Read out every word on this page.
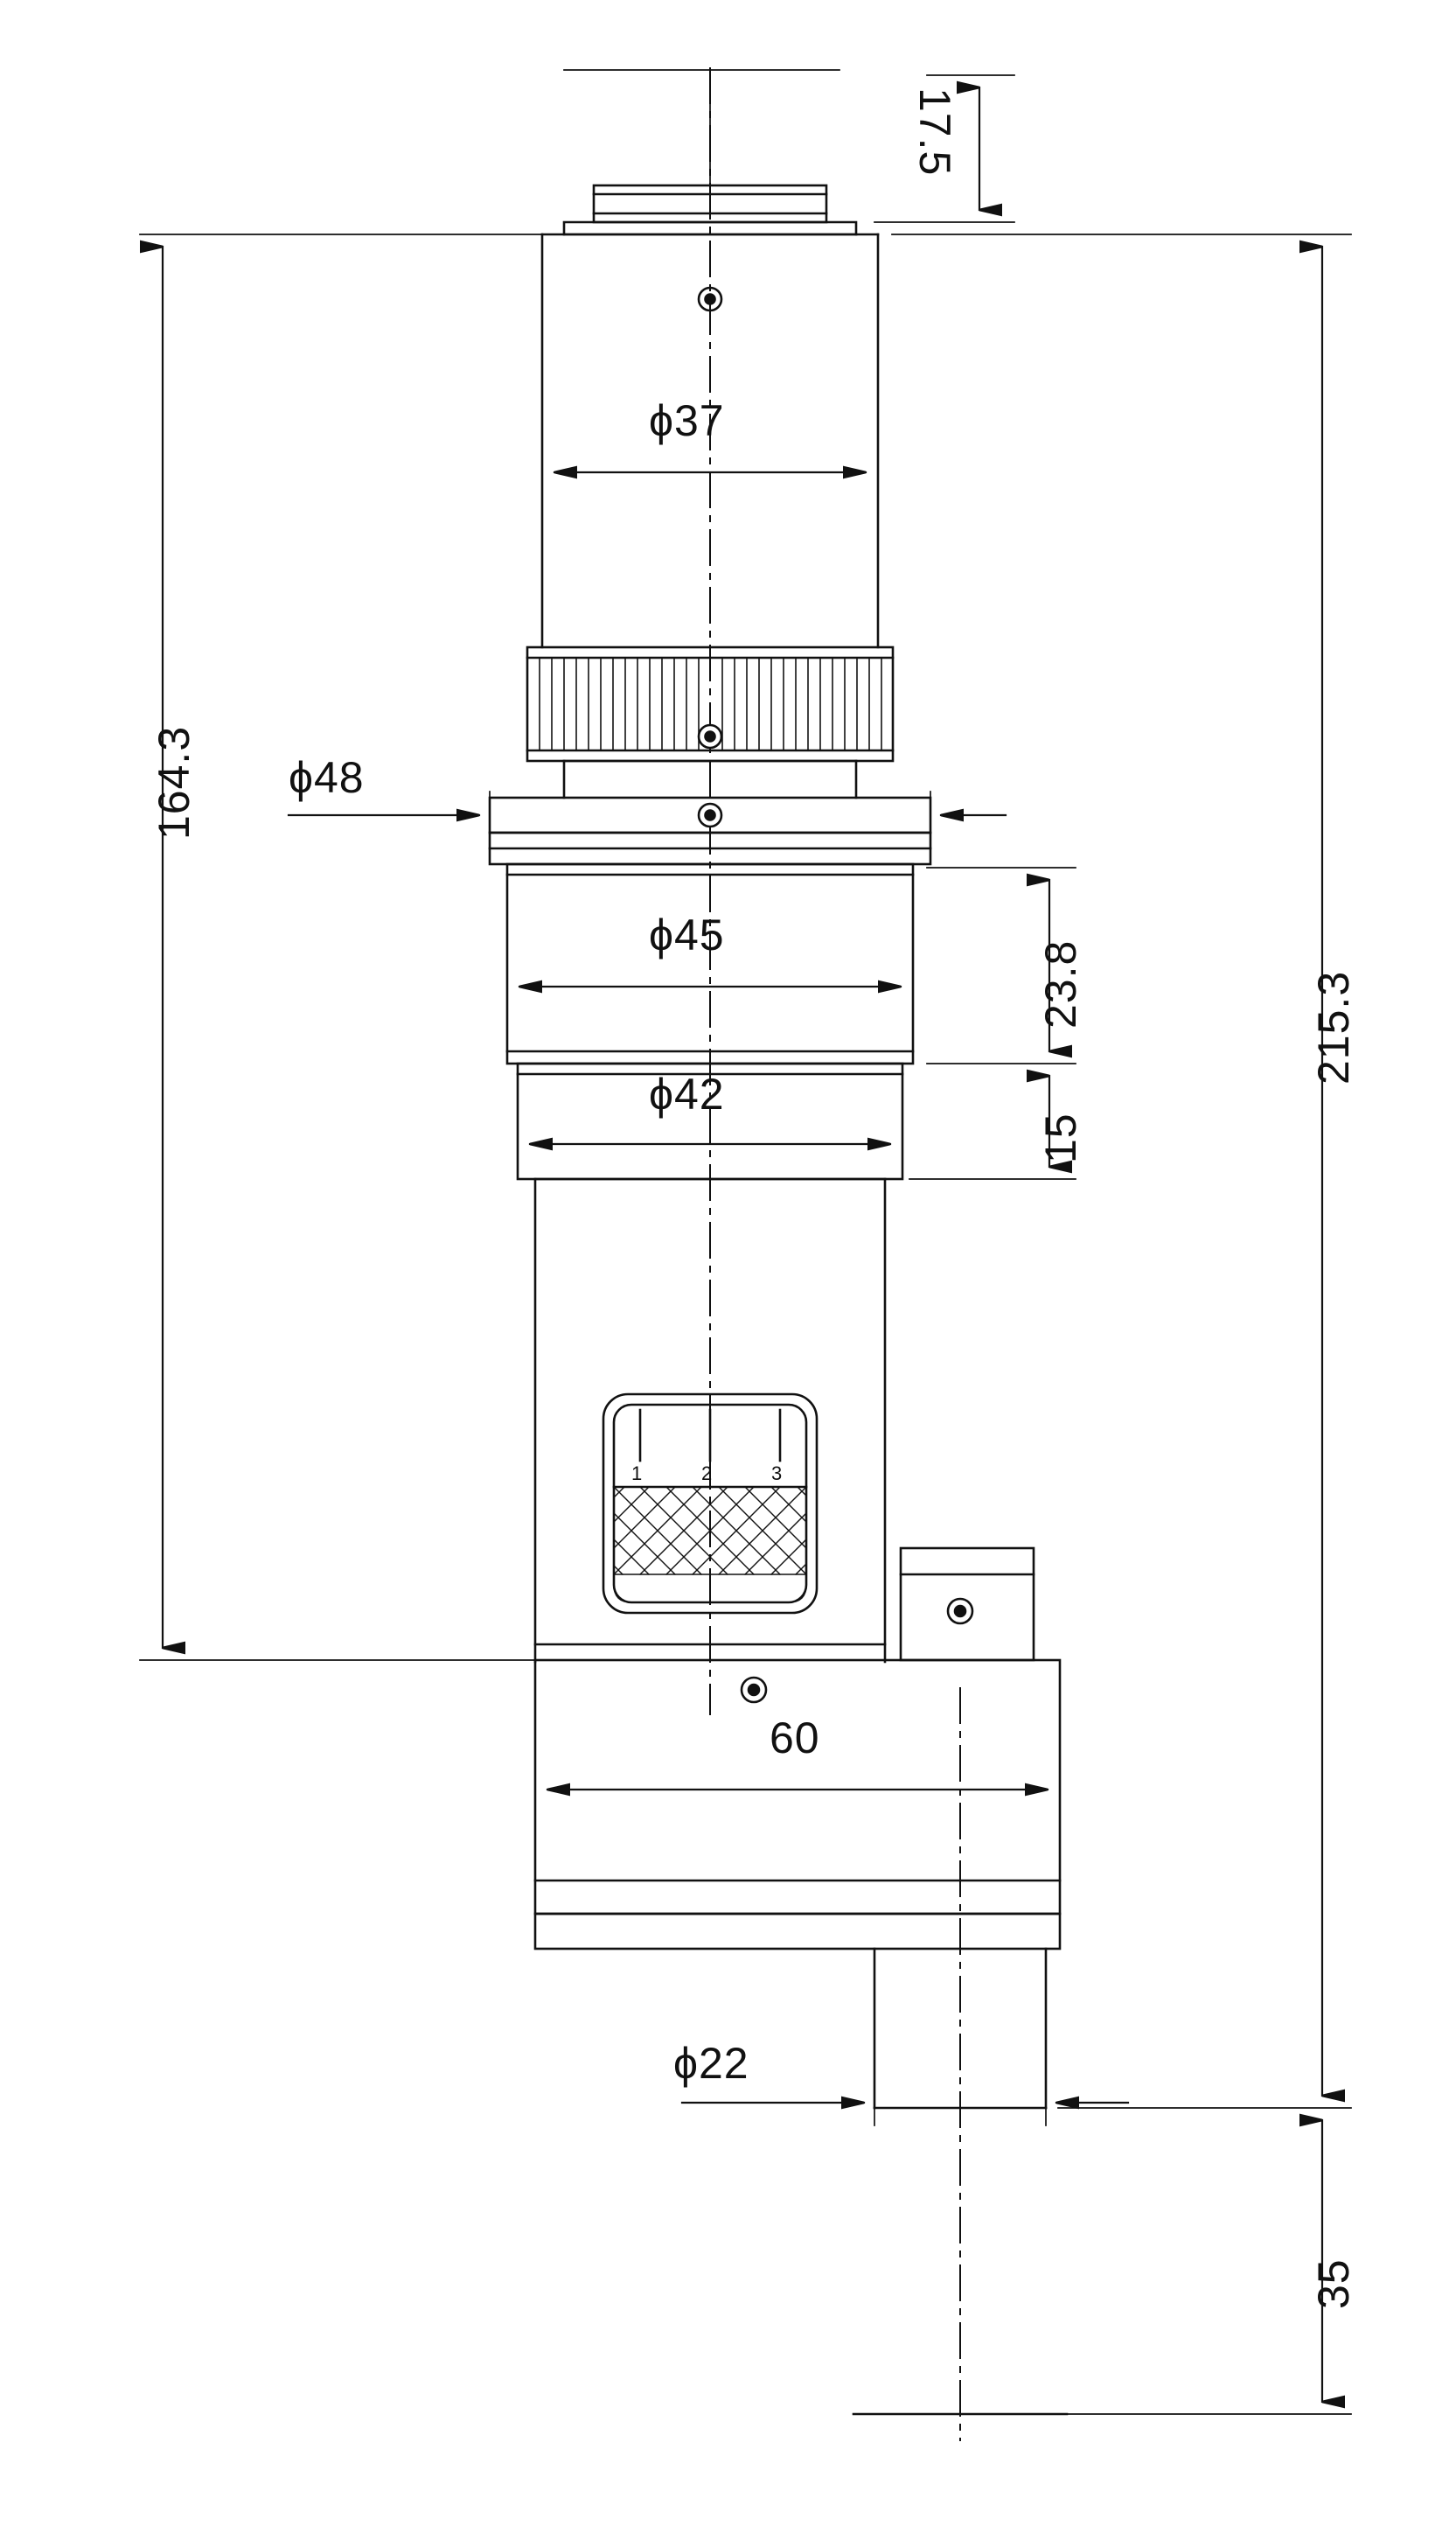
17.5
164.3
215.3
ϕ37
ϕ48
ϕ45
ϕ42
23.8
15
60
ϕ22
35
1	2	3
